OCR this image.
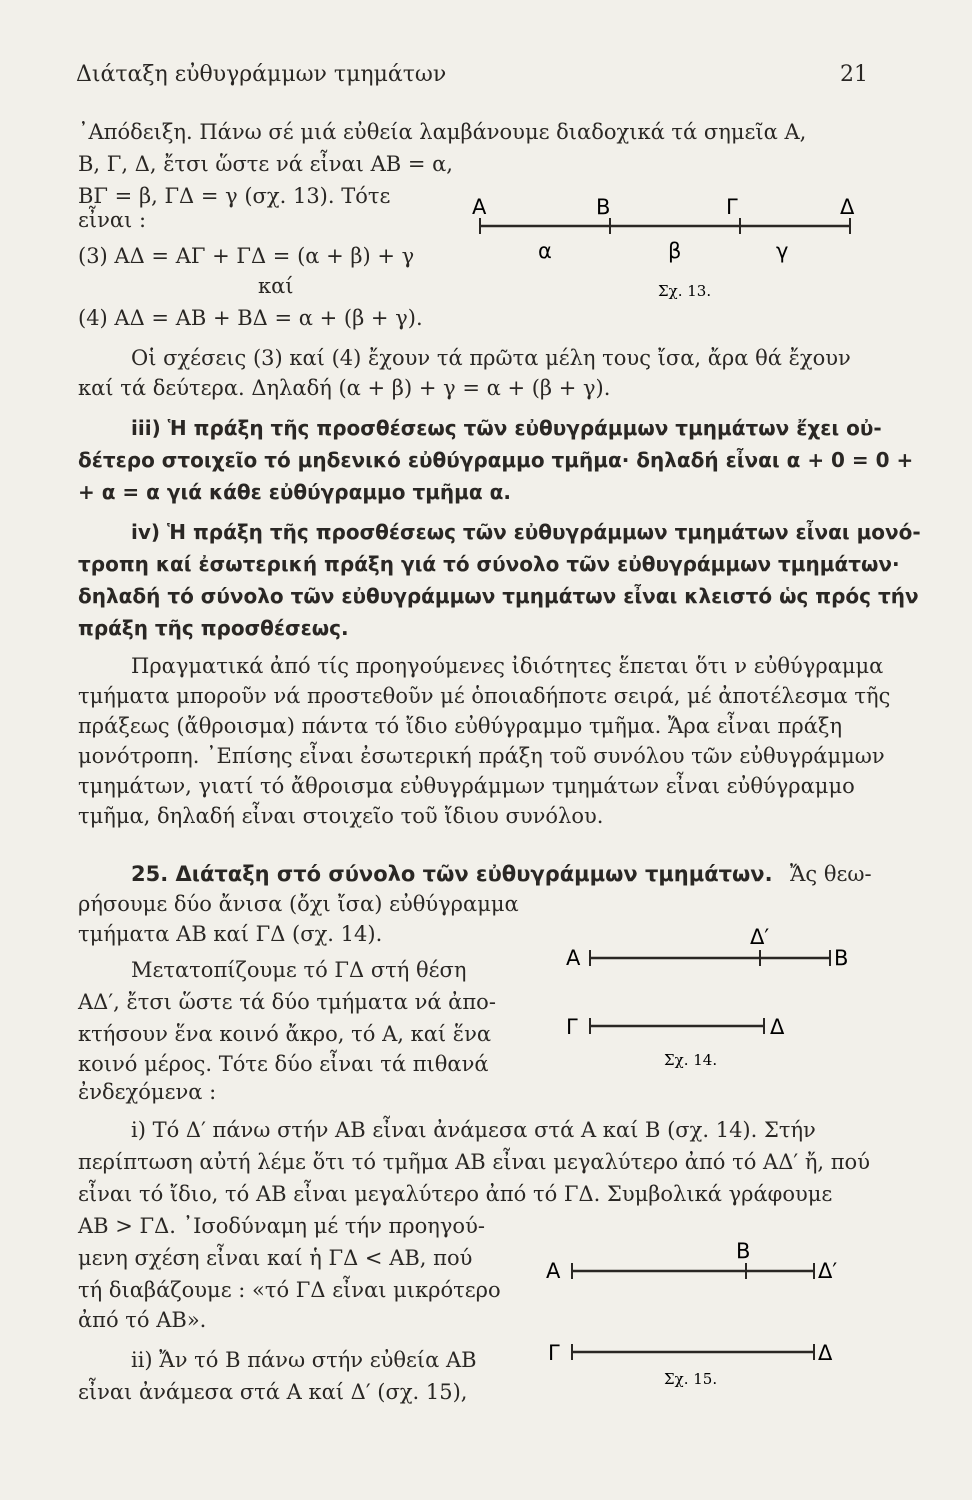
Διάταξη εὐθυγράμμων τμημάτων	21
᾽Απόδειξη. Πάνω σέ μιά εὐθεία λαμβάνουμε διαδοχικά τά σημεῖα Α,
Β, Γ, Δ, ἔτσι ὥστε νά εἶναι ΑΒ = α,
ΒΓ = β, ΓΔ = γ (σχ. 13). Τότε
εἶναι :
(3) ΑΔ = ΑΓ + ΓΔ = (α + β) + γ
καί
(4) ΑΔ = ΑΒ + ΒΔ = α + (β + γ).
Οἱ σχέσεις (3) καί (4) ἔχουν τά πρῶτα μέλη τους ἴσα, ἄρα θά ἔχουν
καί τά δεύτερα. Δηλαδή (α + β) + γ = α + (β + γ).
iii) Ἡ πράξη τῆς προσθέσεως τῶν εὐθυγράμμων τμημάτων ἔχει οὐ-
δέτερο στοιχεῖο τό μηδενικό εὐθύγραμμο τμῆμα· δηλαδή εἶναι α + 0 = 0 +
+ α = α γιά κάθε εὐθύγραμμο τμῆμα α.
iv) Ἡ πράξη τῆς προσθέσεως τῶν εὐθυγράμμων τμημάτων εἶναι μονό-
τροπη καί ἐσωτερική πράξη γιά τό σύνολο τῶν εὐθυγράμμων τμημάτων·
δηλαδή τό σύνολο τῶν εὐθυγράμμων τμημάτων εἶναι κλειστό ὡς πρός τήν
πράξη τῆς προσθέσεως.
Πραγματικά ἀπό τίς προηγούμενες ἰδιότητες ἕπεται ὅτι ν εὐθύγραμμα
τμήματα μποροῦν νά προστεθοῦν μέ ὁποιαδήποτε σειρά, μέ ἀποτέλεσμα τῆς
πράξεως (ἄθροισμα) πάντα τό ἴδιο εὐθύγραμμο τμῆμα. Ἄρα εἶναι πράξη
μονότροπη. ᾽Επίσης εἶναι ἐσωτερική πράξη τοῦ συνόλου τῶν εὐθυγράμμων
τμημάτων, γιατί τό ἄθροισμα εὐθυγράμμων τμημάτων εἶναι εὐθύγραμμο
τμῆμα, δηλαδή εἶναι στοιχεῖο τοῦ ἴδιου συνόλου.
25. Διάταξη στό σύνολο τῶν εὐθυγράμμων τμημάτων. Ἄς θεω-
ρήσουμε δύο ἄνισα (ὄχι ἴσα) εὐθύγραμμα
τμήματα ΑΒ καί ΓΔ (σχ. 14).
Μετατοπίζουμε τό ΓΔ στή θέση
ΑΔ′, ἔτσι ὥστε τά δύο τμήματα νά ἀπο-
κτήσουν ἕνα κοινό ἄκρο, τό Α, καί ἕνα
κοινό μέρος. Τότε δύο εἶναι τά πιθανά
ἐνδεχόμενα :
i) Τό Δ′ πάνω στήν ΑΒ εἶναι ἀνάμεσα στά Α καί Β (σχ. 14). Στήν
περίπτωση αὐτή λέμε ὅτι τό τμῆμα ΑΒ εἶναι μεγαλύτερο ἀπό τό ΑΔ′ ἤ, πού
εἶναι τό ἴδιο, τό ΑΒ εἶναι μεγαλύτερο ἀπό τό ΓΔ. Συμβολικά γράφουμε
ΑΒ > ΓΔ. ᾽Ισοδύναμη μέ τήν προηγού-
μενη σχέση εἶναι καί ἡ ΓΔ < ΑΒ, πού
τή διαβάζουμε : «τό ΓΔ εἶναι μικρότερο
ἀπό τό ΑΒ».
ii) Ἄν τό Β πάνω στήν εὐθεία ΑΒ
εἶναι ἀνάμεσα στά Α καί Δ′ (σχ. 15),
Α	Β	Γ	Δ
α	β	γ
Σχ. 13.
Α
Δ′
Β
Γ	Δ
Σχ. 14.
Β
Α	Δ′
Γ	Δ
Σχ. 15.
